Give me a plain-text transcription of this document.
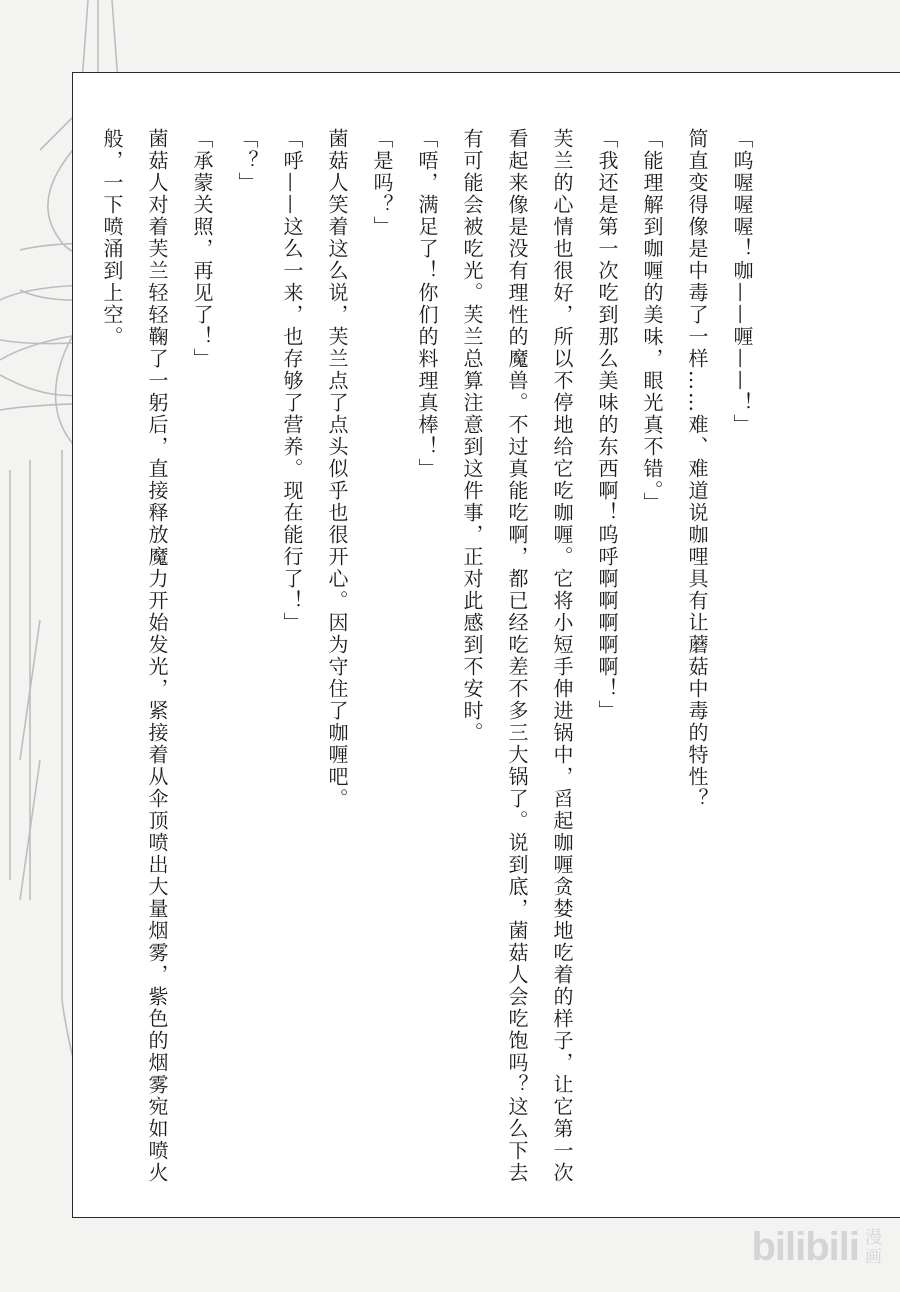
「呜喔喔喔！咖——喱——！」

简直变得像是中毒了一样……难、难道说咖哩具有让蘑菇中毒的特性？

「能理解到咖喱的美味，眼光真不错。」

「我还是第一次吃到那么美味的东西啊！呜呼啊啊啊啊啊！」

芙兰的心情也很好，所以不停地给它吃咖喱。它将小短手伸进锅中，舀起咖喱贪婪地吃着的样子，让它第一次看起来像是没有理性的魔兽。不过真能吃啊，都已经吃差不多三大锅了。说到底，菌菇人会吃饱吗？这么下去有可能会被吃光。芙兰总算注意到这件事，正对此感到不安时。

「唔，满足了！你们的料理真棒！」

「是吗？」

菌菇人笑着这么说，芙兰点了点头似乎也很开心。因为守住了咖喱吧。

「呼——这么一来，也存够了营养。现在能行了！」

「？」

「承蒙关照，再见了！」

菌菇人对着芙兰轻轻鞠了一躬后，直接释放魔力开始发光，紧接着从伞顶喷出大量烟雾，紫色的烟雾宛如喷火般，一下喷涌到上空。

bilibili 漫
画
